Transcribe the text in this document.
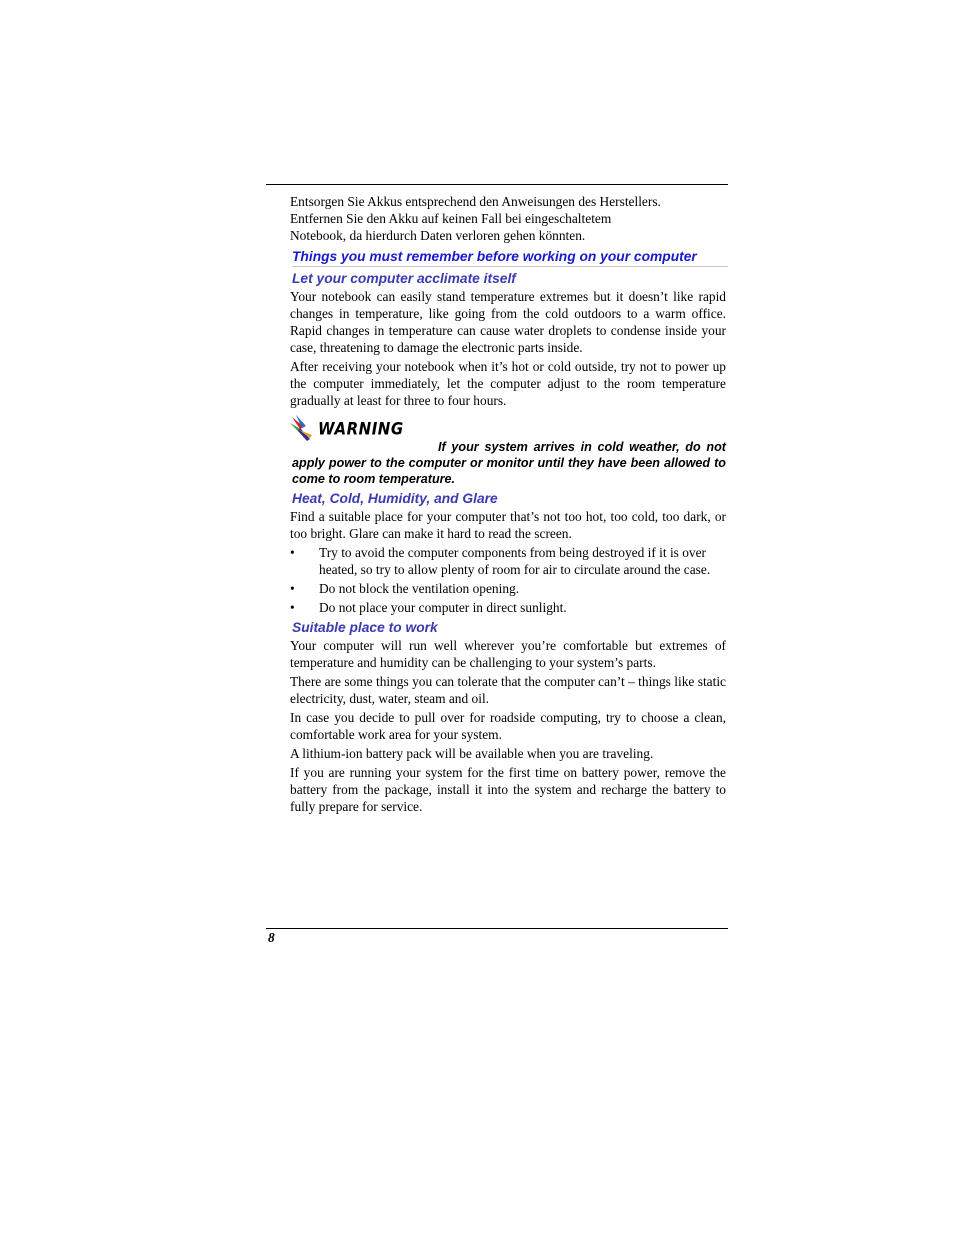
Entsorgen Sie Akkus entsprechend den Anweisungen des Herstellers.

Entfernen Sie den Akku auf keinen Fall bei eingeschaltetem

Notebook, da hierdurch Daten verloren gehen könnten.

Things you must remember before working on your computer
Let your computer acclimate itself

Your notebook can easily stand temperature extremes but it doesn’t like rapid changes in temperature, like going from the cold outdoors to a warm office. Rapid changes in temperature can cause water droplets to condense inside your case, threatening to damage the electronic parts inside.

After receiving your notebook when it’s hot or cold outside, try not to power up the computer immediately, let the computer adjust to the room temperature gradually at least for three to four hours.

WARNING

If your system arrives in cold weather, do not apply power to the computer or monitor until they have been allowed to come to room temperature.

Heat, Cold, Humidity, and Glare

Find a suitable place for your computer that’s not too hot, too cold, too dark, or too bright. Glare can make it hard to read the screen.

• Try to avoid the computer components from being destroyed if it is over heated, so try to allow plenty of room for air to circulate around the case.
• Do not block the ventilation opening.
• Do not place your computer in direct sunlight.
Suitable place to work

Your computer will run well wherever you’re comfortable but extremes of temperature and humidity can be challenging to your system’s parts.

There are some things you can tolerate that the computer can’t – things like static electricity, dust, water, steam and oil.

In case you decide to pull over for roadside computing, try to choose a clean, comfortable work area for your system.

A lithium-ion battery pack will be available when you are traveling.

If you are running your system for the first time on battery power, remove the battery from the package, install it into the system and recharge the battery to fully prepare for service.

8
